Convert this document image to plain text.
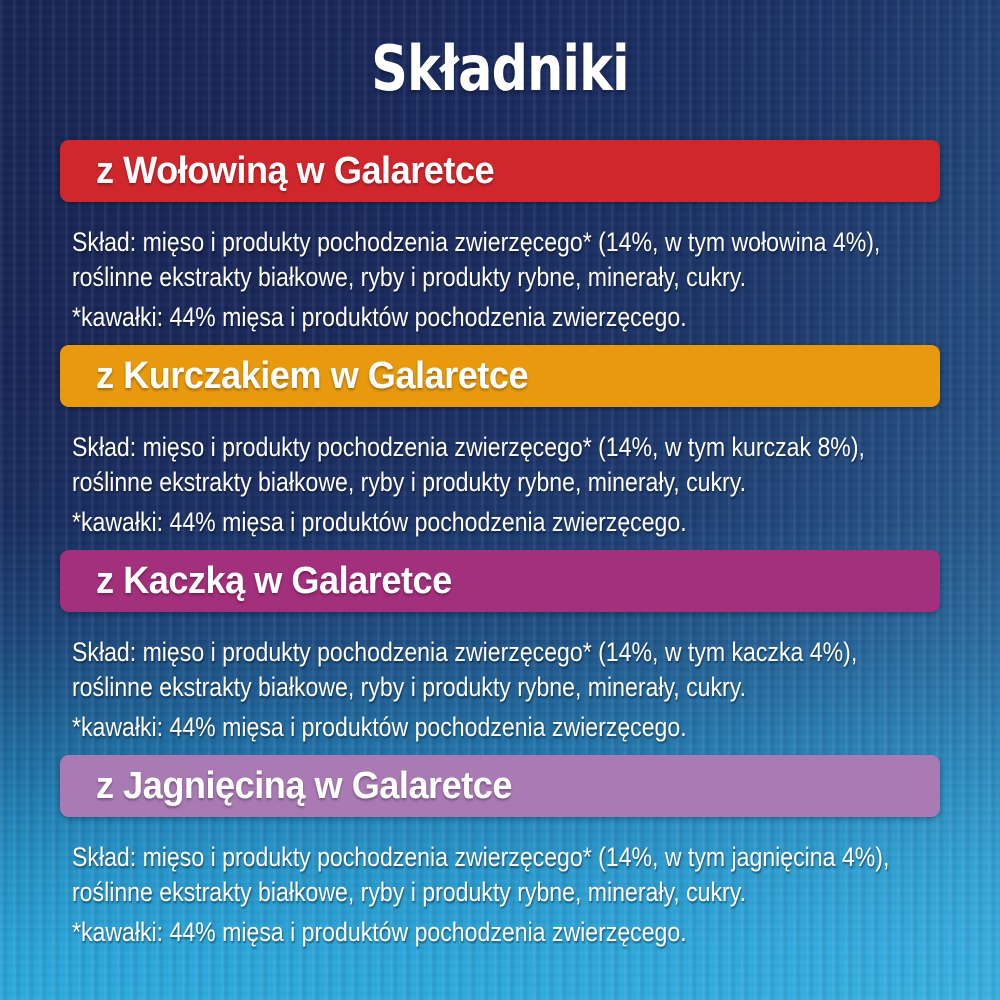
Składniki
z Wołowiną w Galaretce
Skład: mięso i produkty pochodzenia zwierzęcego* (14%, w tym wołowina 4%),
roślinne ekstrakty białkowe, ryby i produkty rybne, minerały, cukry.
*kawałki: 44% mięsa i produktów pochodzenia zwierzęcego.
z Kurczakiem w Galaretce
Skład: mięso i produkty pochodzenia zwierzęcego* (14%, w tym kurczak 8%),
roślinne ekstrakty białkowe, ryby i produkty rybne, minerały, cukry.
*kawałki: 44% mięsa i produktów pochodzenia zwierzęcego.
z Kaczką w Galaretce
Skład: mięso i produkty pochodzenia zwierzęcego* (14%, w tym kaczka 4%),
roślinne ekstrakty białkowe, ryby i produkty rybne, minerały, cukry.
*kawałki: 44% mięsa i produktów pochodzenia zwierzęcego.
z Jagnięciną w Galaretce
Skład: mięso i produkty pochodzenia zwierzęcego* (14%, w tym jagnięcina 4%),
roślinne ekstrakty białkowe, ryby i produkty rybne, minerały, cukry.
*kawałki: 44% mięsa i produktów pochodzenia zwierzęcego.
